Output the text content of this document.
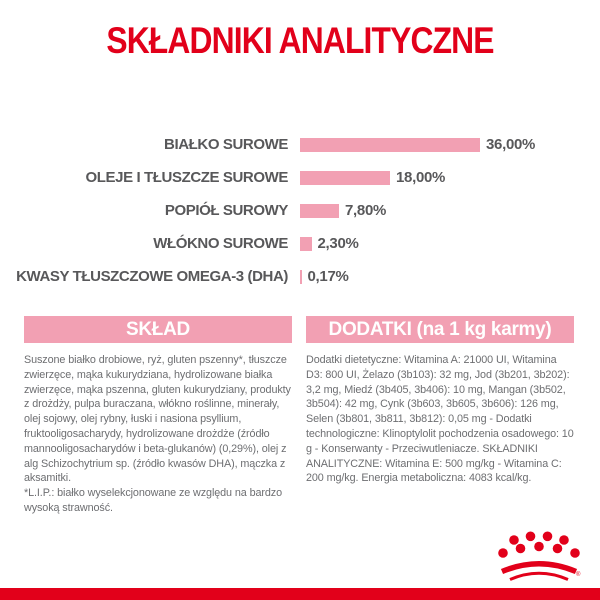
SKŁADNIKI ANALITYCZNE
BIAŁKO SUROWE	36,00%
OLEJE I TŁUSZCZE SUROWE	18,00%
POPIÓŁ SUROWY	7,80%
WŁÓKNO SUROWE	2,30%
KWASY TŁUSZCZOWE OMEGA-3 (DHA)	0,17%
SKŁAD

Suszone białko drobiowe, ryż, gluten pszenny*, tłuszcze zwierzęce, mąka kukurydziana, hydrolizowane białka zwierzęce, mąka pszenna, gluten kukurydziany, produkty z drożdży, pulpa buraczana, włókno roślinne, minerały, olej sojowy, olej rybny, łuski i nasiona psyllium, fruktooligosacharydy, hydrolizowane drożdże (źródło mannooligosacharydów i beta-glukanów) (0,29%), olej z alg Schizochytrium sp. (źródło kwasów DHA), mączka z aksamitki.

*L.I.P.: białko wyselekcjonowane ze względu na bardzo wysoką strawność.

DODATKI (na 1 kg karmy)

Dodatki dietetyczne: Witamina A: 21000 UI, Witamina D3: 800 UI, Żelazo (3b103): 32 mg, Jod (3b201, 3b202): 3,2 mg, Miedź (3b405, 3b406): 10 mg, Mangan (3b502, 3b504): 42 mg, Cynk (3b603, 3b605, 3b606): 126 mg, Selen (3b801, 3b811, 3b812): 0,05 mg - Dodatki technologiczne: Klinoptylolit pochodzenia osadowego: 10 g - Konserwanty - Przeciwutleniacze. SKŁADNIKI ANALITYCZNE: Witamina E: 500 mg/kg - Witamina C: 200 mg/kg. Energia metaboliczna: 4083 kcal/kg.

®
